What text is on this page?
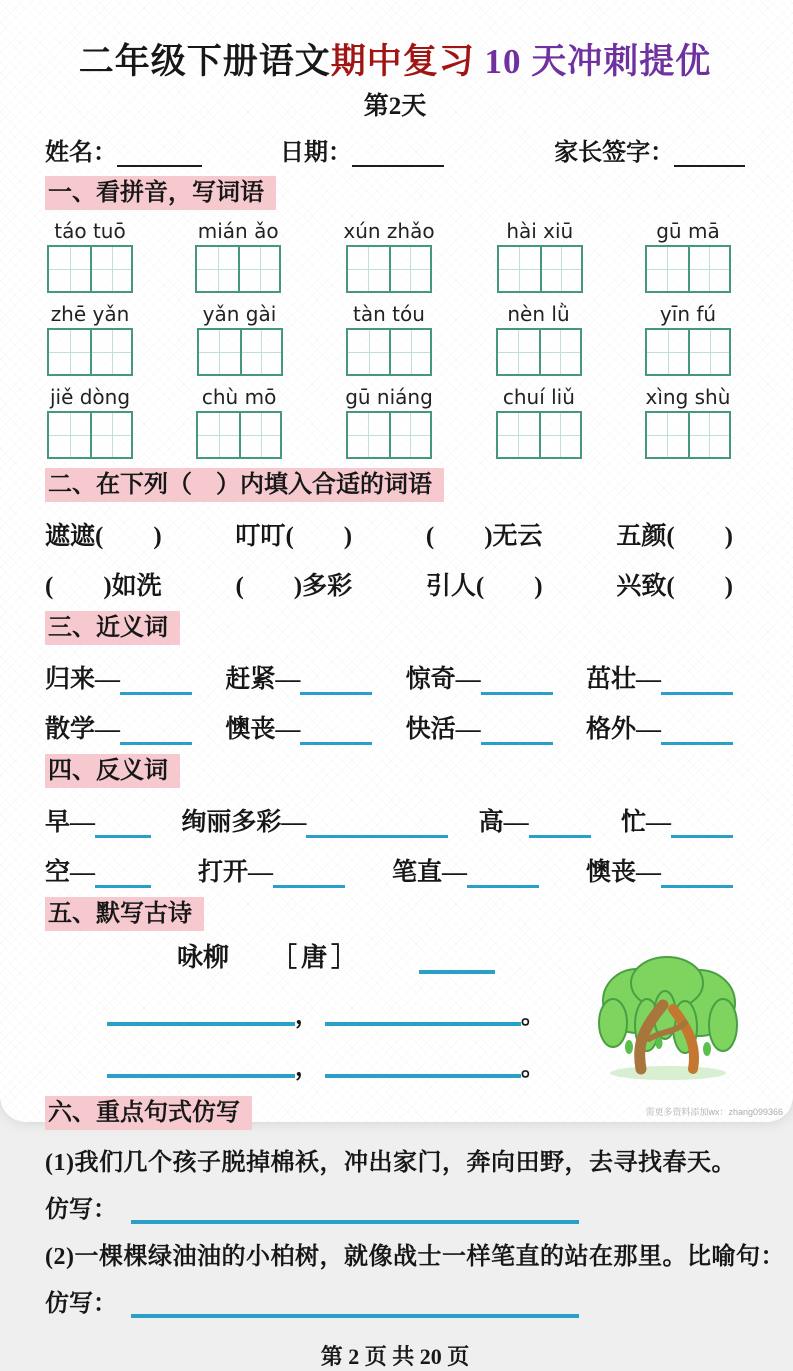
二年级下册语文期中复习 10 天冲刺提优
第2天
姓名：	日期：	家长签字：
一、看拼音，写词语
táo tuō	mián ǎo	xún zhǎo	hài xiū	gū mā
zhē yǎn	yǎn gài	tàn tóu	nèn lǜ	yīn fú
jiě dòng	chù mō	gū niáng	chuí liǔ	xìng shù
二、在下列（　）内填入合适的词语
遮遮(　　)	叮叮(　　)	(　　)无云	五颜(　　)
(　　)如洗	(　　)多彩	引人(　　)	兴致(　　)
三、近义词
归来—	赶紧—	惊奇—	茁壮—
散学—	懊丧—	快活—	格外—
四、反义词
早—	绚丽多彩—	高—	忙—
空—	打开—	笔直—	懊丧—
五、默写古诗
咏柳 ［唐］
，	。
，	。
六、重点句式仿写
(1)我们几个孩子脱掉棉袄，冲出家门，奔向田野，去寻找春天。
仿写：
(2)一棵棵绿油油的小柏树，就像战士一样笔直的站在那里。比喻句：
仿写：
第 2 页 共 20 页
需更多资料添加wx：zhang099366
